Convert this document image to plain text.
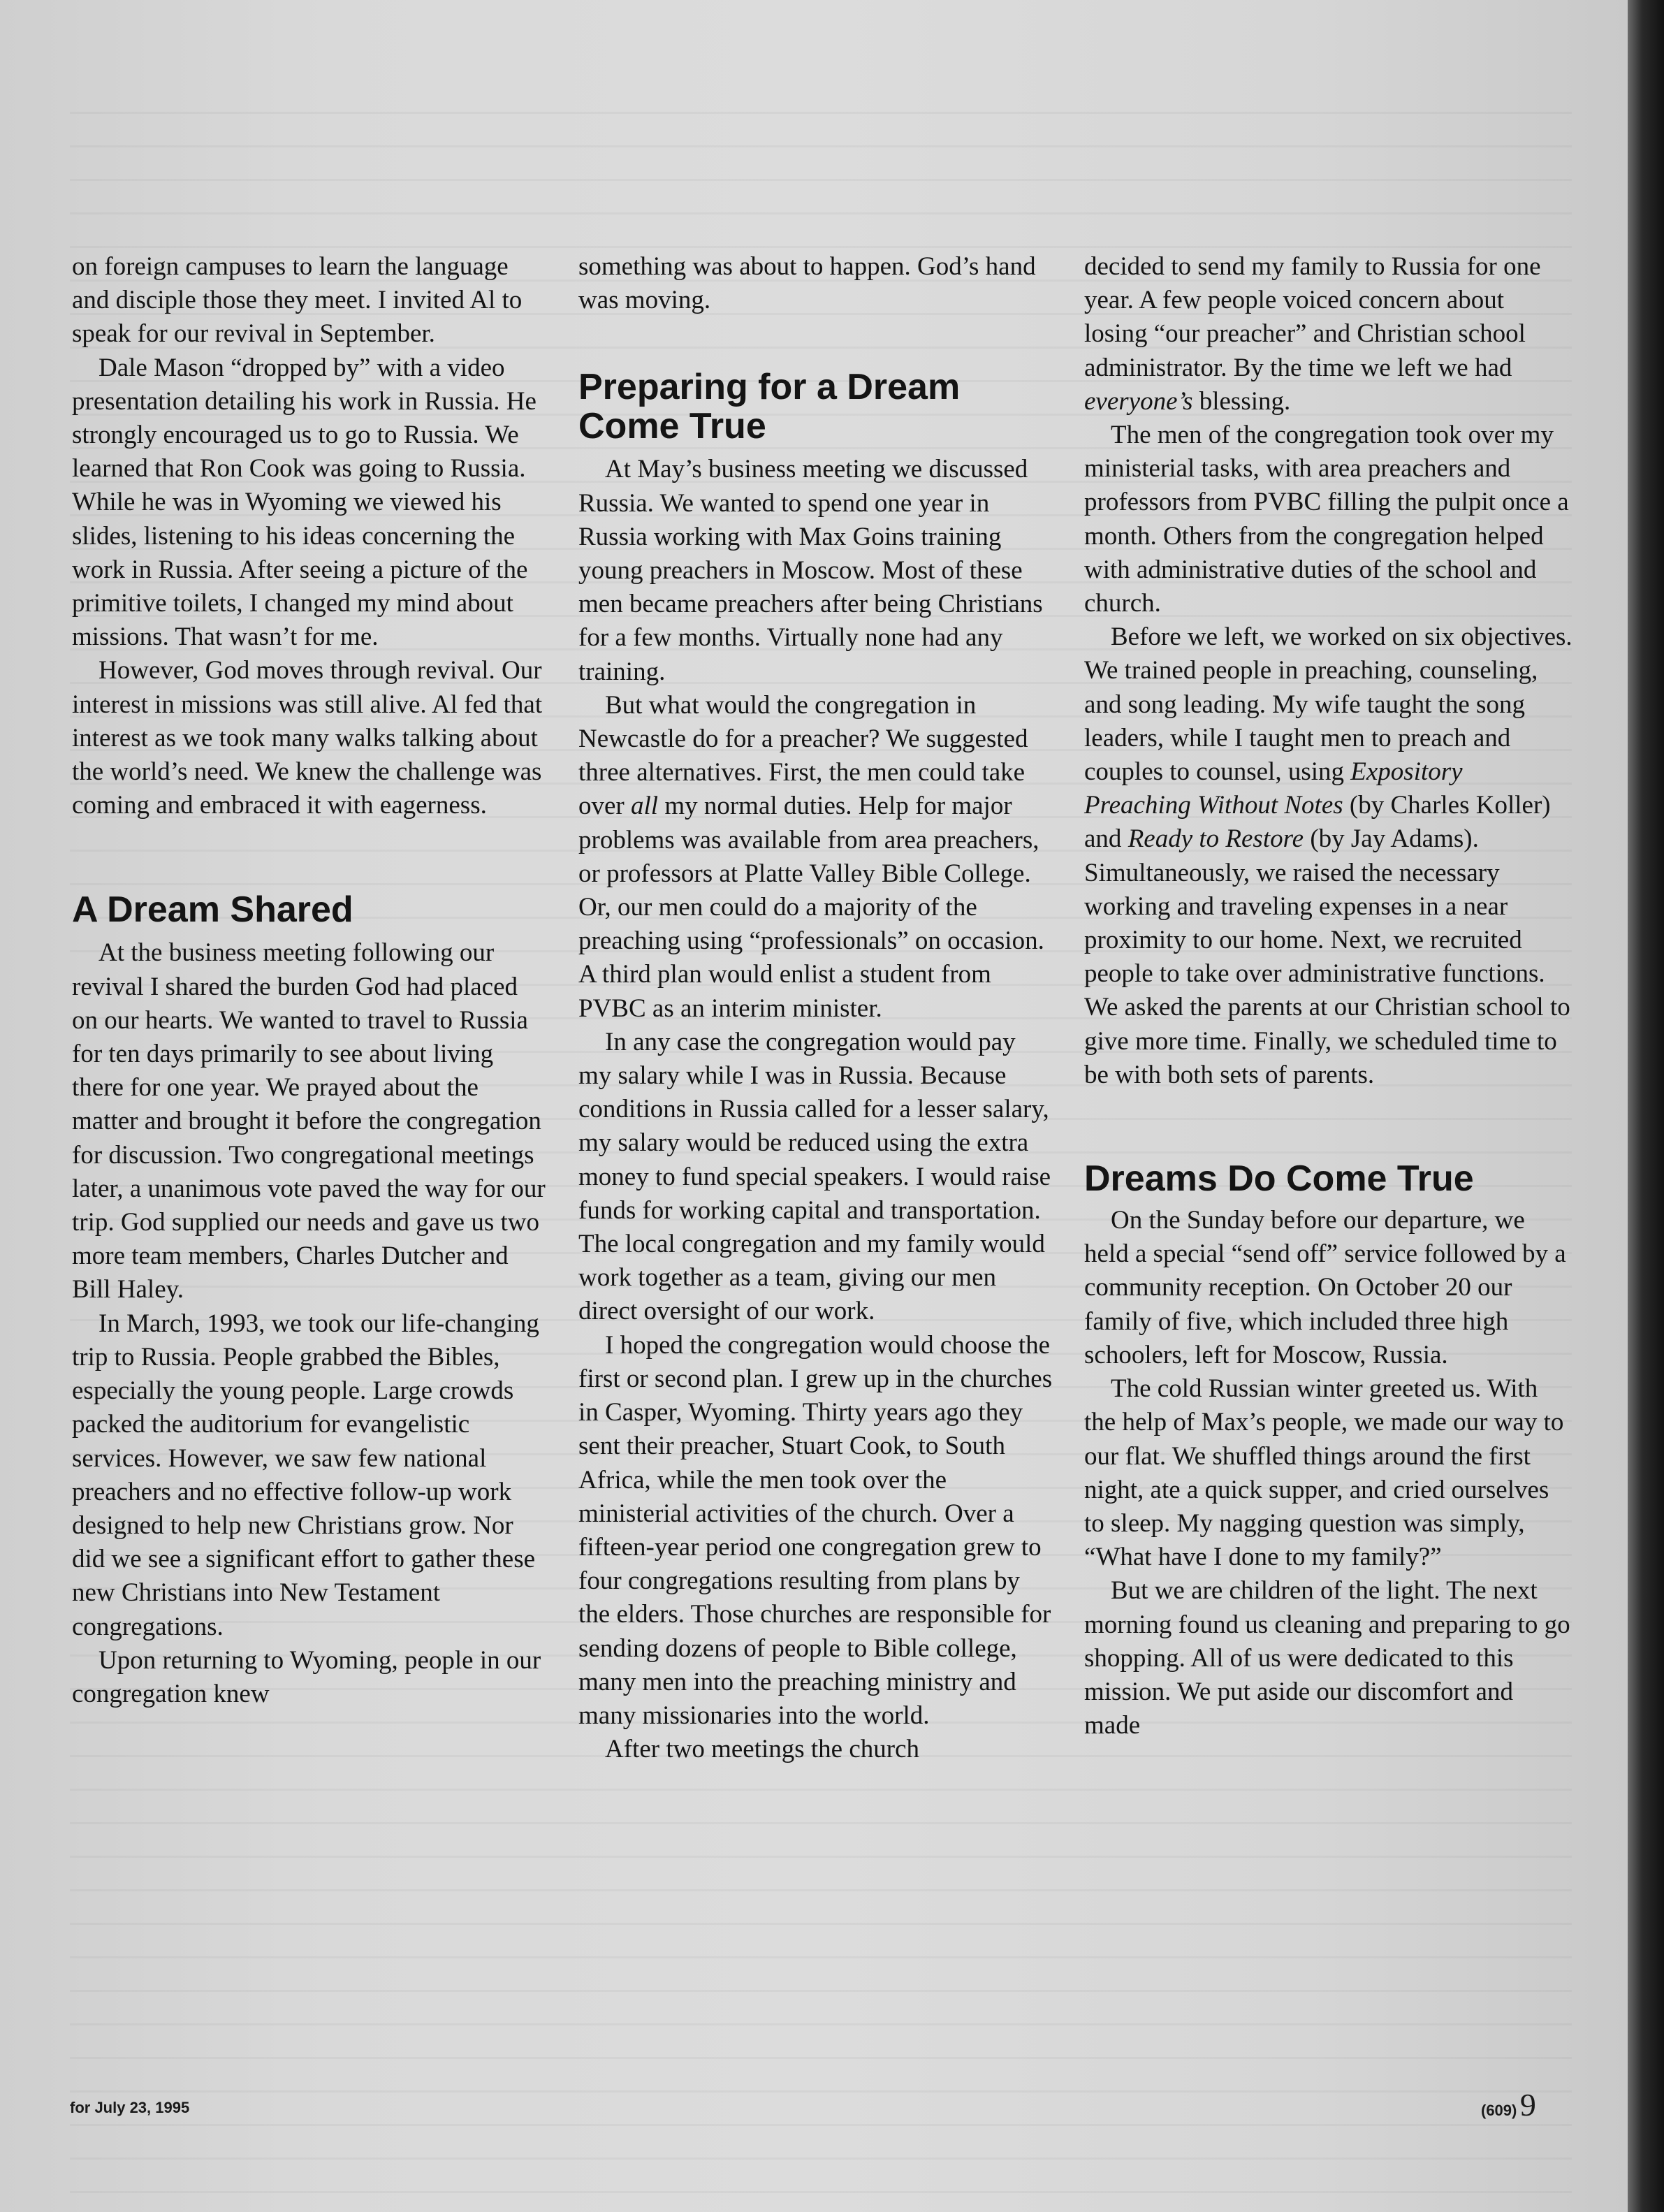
on foreign campuses to learn the language and disciple those they meet. I invited Al to speak for our revival in September.

Dale Mason “dropped by” with a video presentation detailing his work in Russia. He strongly encouraged us to go to Russia. We learned that Ron Cook was going to Russia. While he was in Wyoming we viewed his slides, listening to his ideas concerning the work in Russia. After seeing a picture of the primitive toilets, I changed my mind about missions. That wasn’t for me.

However, God moves through revival. Our interest in missions was still alive. Al fed that interest as we took many walks talking about the world’s need. We knew the challenge was coming and embraced it with eagerness.

A Dream Shared

At the business meeting following our revival I shared the burden God had placed on our hearts. We wanted to travel to Russia for ten days primarily to see about living there for one year. We prayed about the matter and brought it before the congregation for discussion. Two congregational meetings later, a unanimous vote paved the way for our trip. God supplied our needs and gave us two more team members, Charles Dutcher and Bill Haley.

In March, 1993, we took our life-changing trip to Russia. People grabbed the Bibles, especially the young people. Large crowds packed the auditorium for evangelistic services. However, we saw few national preachers and no effective follow-up work designed to help new Christians grow. Nor did we see a significant effort to gather these new Christians into New Testament congregations.

Upon returning to Wyoming, people in our congregation knew

something was about to happen. God’s hand was moving.

Preparing for a Dream Come True

At May’s business meeting we discussed Russia. We wanted to spend one year in Russia working with Max Goins training young preachers in Moscow. Most of these men became preachers after being Christians for a few months. Virtually none had any training.

But what would the congregation in Newcastle do for a preacher? We suggested three alternatives. First, the men could take over all my normal duties. Help for major problems was available from area preachers, or professors at Platte Valley Bible College. Or, our men could do a majority of the preaching using “professionals” on occasion. A third plan would enlist a student from PVBC as an interim minister.

In any case the congregation would pay my salary while I was in Russia. Because conditions in Russia called for a lesser salary, my salary would be reduced using the extra money to fund special speakers. I would raise funds for working capital and transportation. The local congregation and my family would work together as a team, giving our men direct oversight of our work.

I hoped the congregation would choose the first or second plan. I grew up in the churches in Casper, Wyoming. Thirty years ago they sent their preacher, Stuart Cook, to South Africa, while the men took over the ministerial activities of the church. Over a fifteen-year period one congregation grew to four congregations resulting from plans by the elders. Those churches are responsible for sending dozens of people to Bible college, many men into the preaching ministry and many missionaries into the world.

After two meetings the church

decided to send my family to Russia for one year. A few people voiced concern about losing “our preacher” and Christian school administrator. By the time we left we had everyone’s blessing.

The men of the congregation took over my ministerial tasks, with area preachers and professors from PVBC filling the pulpit once a month. Others from the congregation helped with administrative duties of the school and church.

Before we left, we worked on six objectives. We trained people in preaching, counseling, and song leading. My wife taught the song leaders, while I taught men to preach and couples to counsel, using Expository Preaching Without Notes (by Charles Koller) and Ready to Restore (by Jay Adams). Simultaneously, we raised the necessary working and traveling expenses in a near proximity to our home. Next, we recruited people to take over administrative functions. We asked the parents at our Christian school to give more time. Finally, we scheduled time to be with both sets of parents.

Dreams Do Come True

On the Sunday before our departure, we held a special “send off” service followed by a community reception. On October 20 our family of five, which included three high schoolers, left for Moscow, Russia.

The cold Russian winter greeted us. With the help of Max’s people, we made our way to our flat. We shuffled things around the first night, ate a quick supper, and cried ourselves to sleep. My nagging question was simply, “What have I done to my family?”

But we are children of the light. The next morning found us cleaning and preparing to go shopping. All of us were dedicated to this mission. We put aside our discomfort and made

for July 23, 1995	(609) 9
